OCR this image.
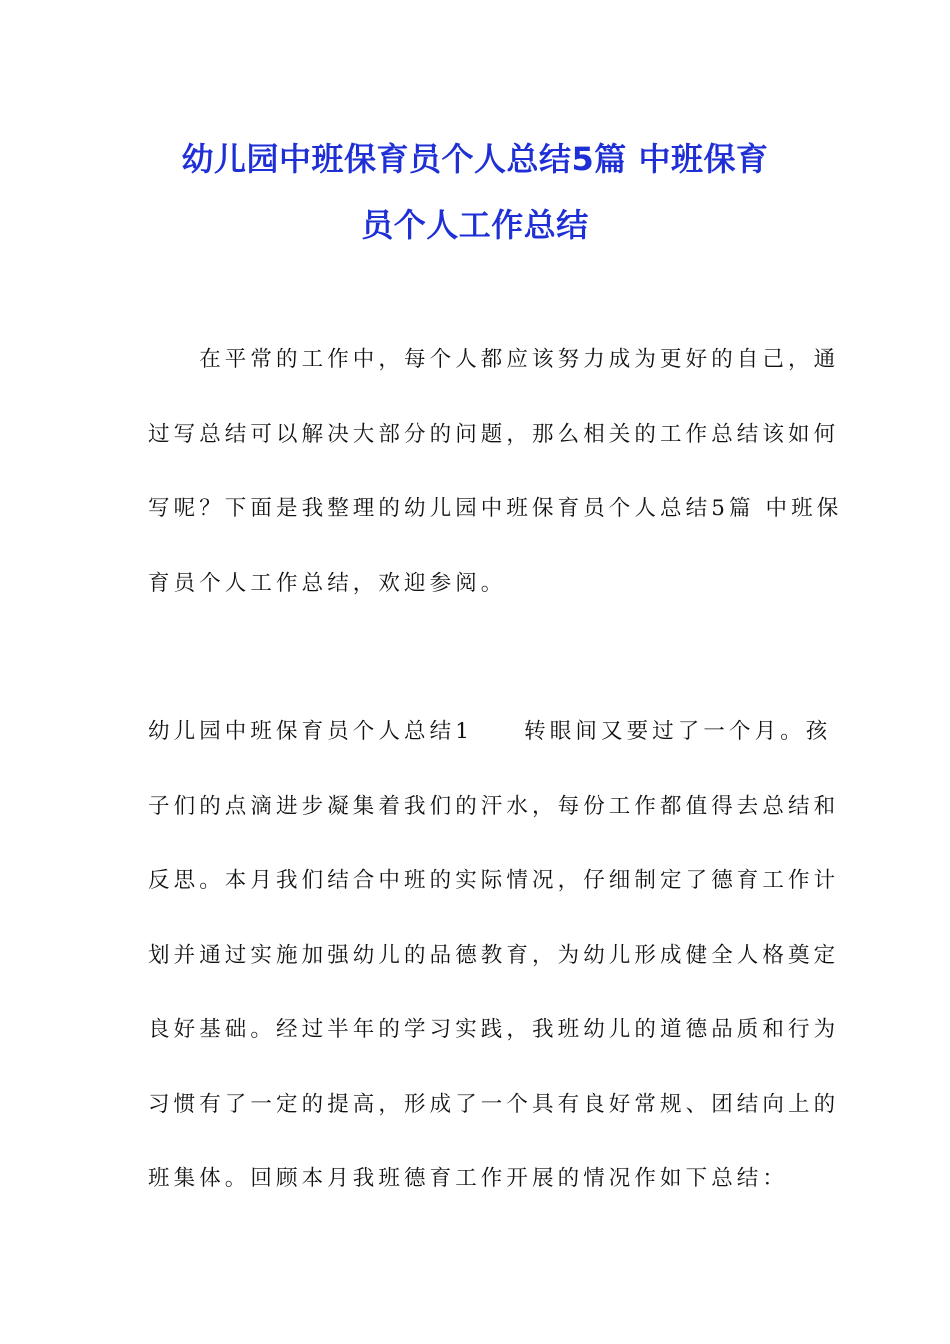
幼儿园中班保育员个人总结5篇 中班保育
员个人工作总结
　　在平常的工作中，每个人都应该努力成为更好的自己，通
过写总结可以解决大部分的问题，那么相关的工作总结该如何
写呢？下面是我整理的幼儿园中班保育员个人总结5篇 中班保
育员个人工作总结，欢迎参阅。
幼儿园中班保育员个人总结1　　转眼间又要过了一个月。孩
子们的点滴进步凝集着我们的汗水，每份工作都值得去总结和
反思。本月我们结合中班的实际情况，仔细制定了德育工作计
划并通过实施加强幼儿的品德教育，为幼儿形成健全人格奠定
良好基础。经过半年的学习实践，我班幼儿的道德品质和行为
习惯有了一定的提高，形成了一个具有良好常规、团结向上的
班集体。回顾本月我班德育工作开展的情况作如下总结：
